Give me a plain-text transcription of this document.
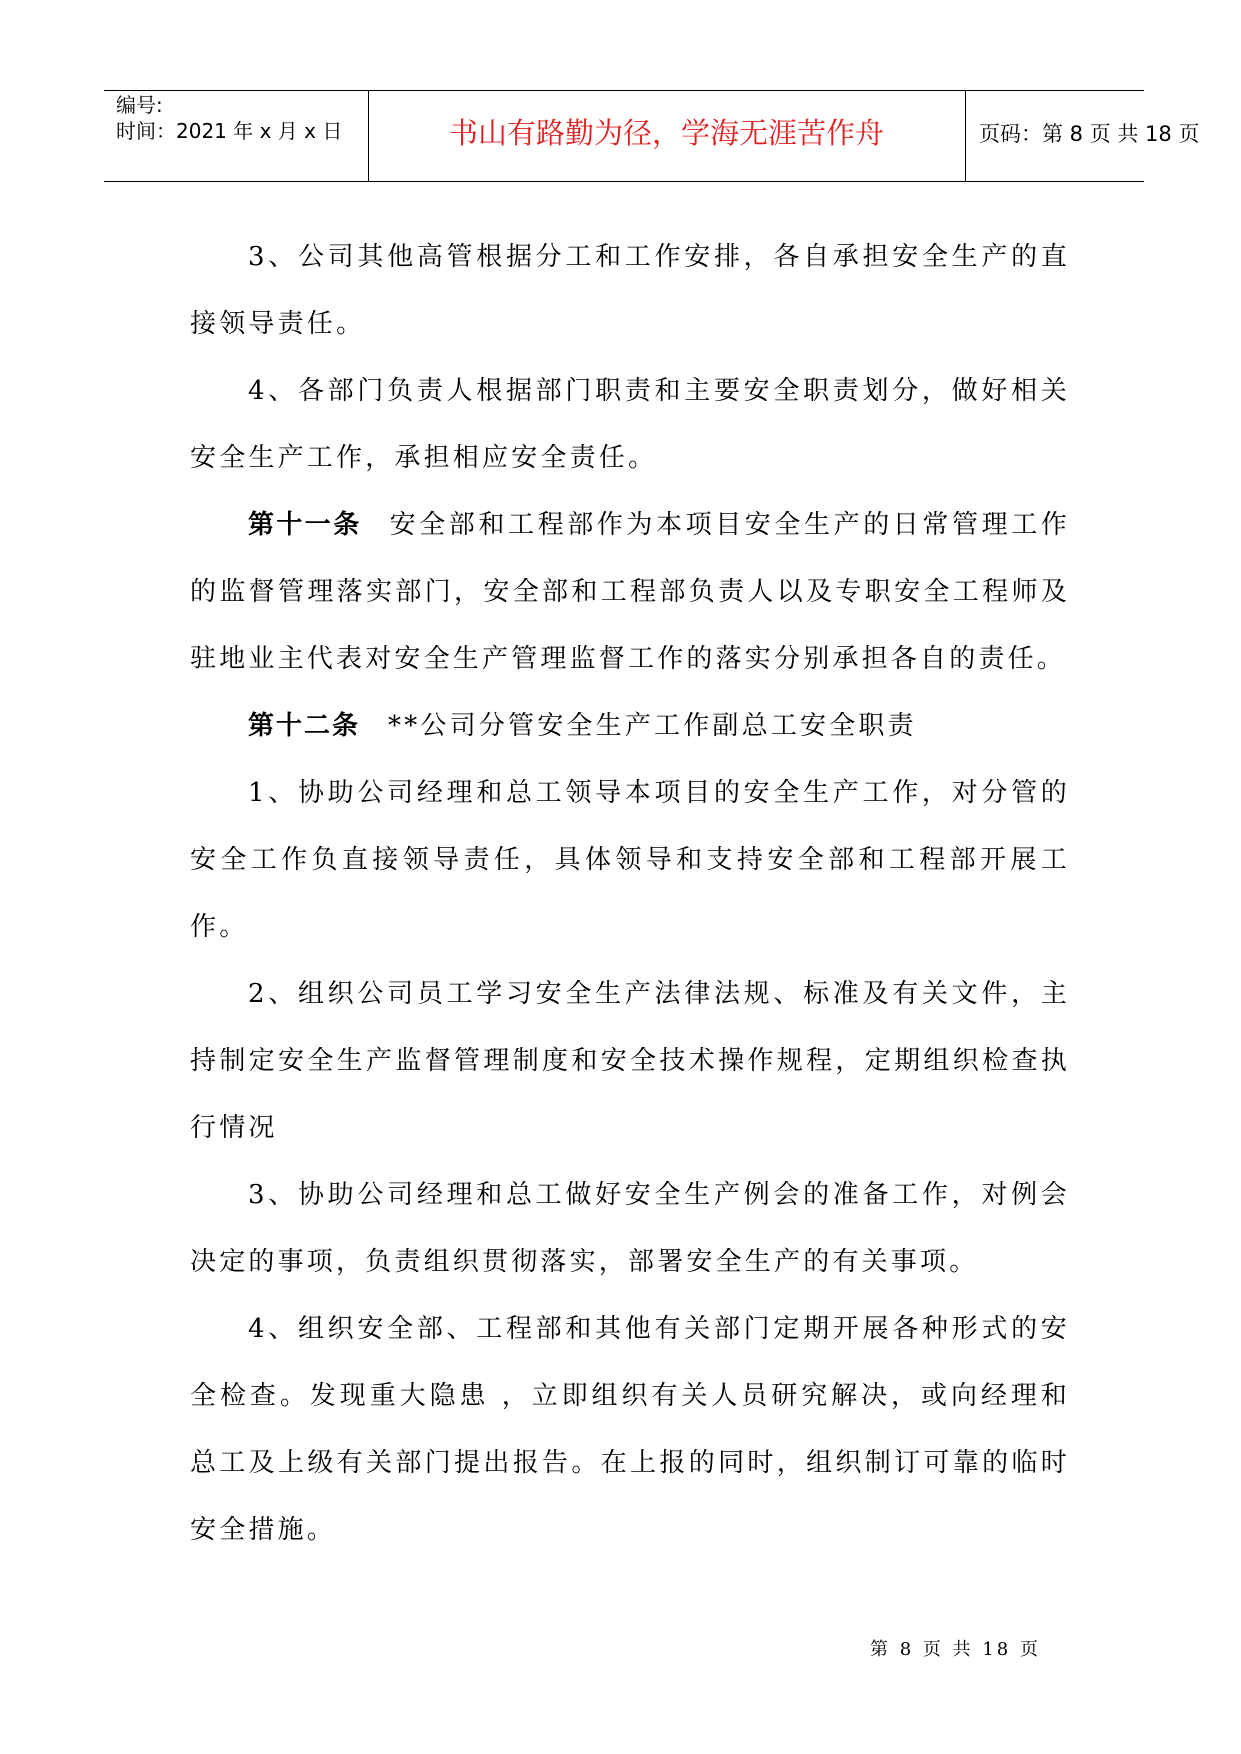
编号:
时间：2021 年 x 月 x 日	书山有路勤为径，学海无涯苦作舟	页码：第 8 页 共 18 页

3、公司其他高管根据分工和工作安排，各自承担安全生产的直接领导责任。

4、各部门负责人根据部门职责和主要安全职责划分，做好相关安全生产工作，承担相应安全责任。

第十一条 安全部和工程部作为本项目安全生产的日常管理工作的监督管理落实部门，安全部和工程部负责人以及专职安全工程师及驻地业主代表对安全生产管理监督工作的落实分别承担各自的责任。

第十二条 **公司分管安全生产工作副总工安全职责

1、协助公司经理和总工领导本项目的安全生产工作，对分管的安全工作负直接领导责任，具体领导和支持安全部和工程部开展工作。

2、组织公司员工学习安全生产法律法规、标准及有关文件，主持制定安全生产监督管理制度和安全技术操作规程，定期组织检查执行情况

3、协助公司经理和总工做好安全生产例会的准备工作，对例会决定的事项，负责组织贯彻落实，部署安全生产的有关事项。

4、组织安全部、工程部和其他有关部门定期开展各种形式的安全检查。发现重大隐患 ，立即组织有关人员研究解决，或向经理和总工及上级有关部门提出报告。在上报的同时，组织制订可靠的临时安全措施。

第 8 页 共 18 页
